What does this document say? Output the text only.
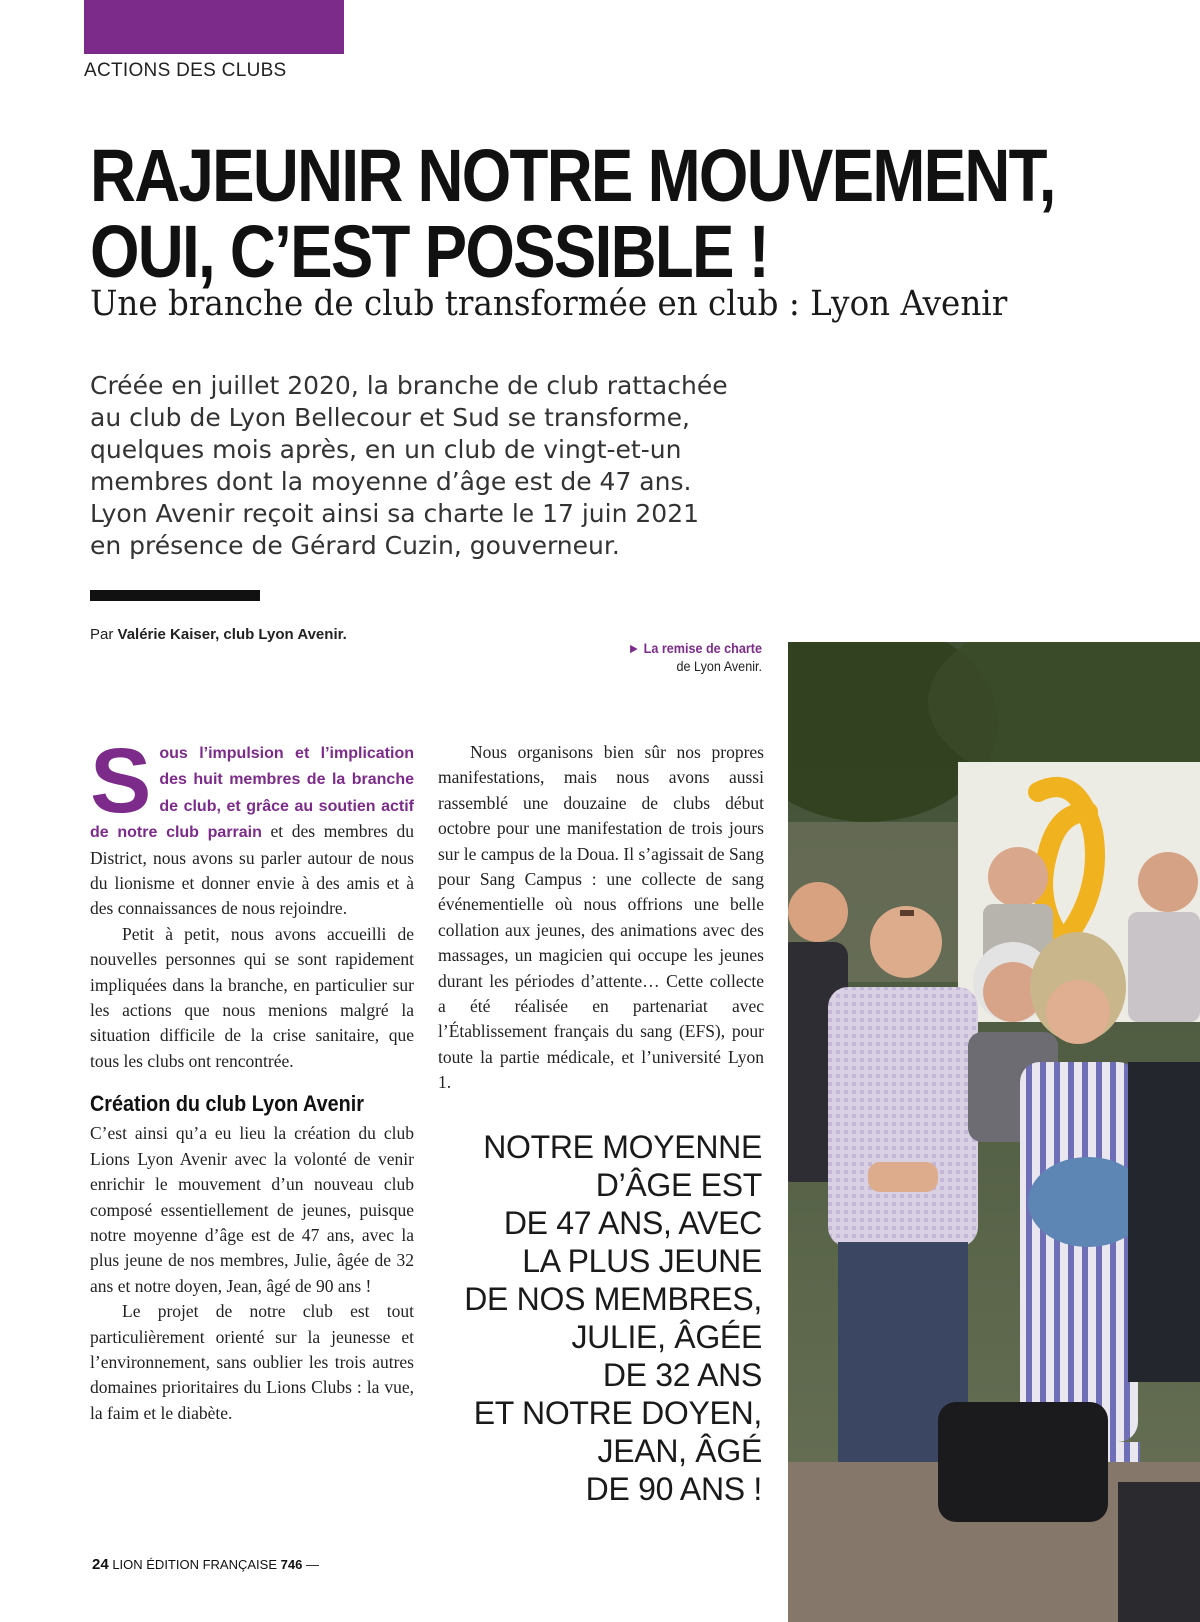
ACTIONS DES CLUBS
RAJEUNIR NOTRE MOUVEMENT,
OUI, C’EST POSSIBLE !
Une branche de club transformée en club : Lyon Avenir
Créée en juillet 2020, la branche de club rattachée
au club de Lyon Bellecour et Sud se transforme,
quelques mois après, en un club de vingt-et-un
membres dont la moyenne d’âge est de 47 ans.
Lyon Avenir reçoit ainsi sa charte le 17 juin 2021
en présence de Gérard Cuzin, gouverneur.
Par Valérie Kaiser, club Lyon Avenir.
► La remise de charte
de Lyon Avenir.

Sous l’impulsion et l’implication des huit membres de la branche de club, et grâce au soutien actif de notre club parrain et des membres du District, nous avons su parler autour de nous du lionisme et donner envie à des amis et à des connaissances de nous rejoindre.

Petit à petit, nous avons accueilli de nouvelles personnes qui se sont rapidement impliquées dans la branche, en particulier sur les actions que nous menions malgré la situation difficile de la crise sanitaire, que tous les clubs ont rencontrée.

Création du club Lyon Avenir

C’est ainsi qu’a eu lieu la création du club Lions Lyon Avenir avec la volonté de venir enrichir le mouvement d’un nouveau club composé essentiellement de jeunes, puisque notre moyenne d’âge est de 47 ans, avec la plus jeune de nos membres, Julie, âgée de 32 ans et notre doyen, Jean, âgé de 90 ans !

Le projet de notre club est tout particulièrement orienté sur la jeunesse et l’environnement, sans oublier les trois autres domaines prioritaires du Lions Clubs : la vue, la faim et le diabète.

Nous organisons bien sûr nos propres manifestations, mais nous avons aussi rassemblé une douzaine de clubs début octobre pour une manifestation de trois jours sur le campus de la Doua. Il s’agissait de Sang pour Sang Campus : une collecte de sang événementielle où nous offrions une belle collation aux jeunes, des animations avec des massages, un magicien qui occupe les jeunes durant les périodes d’attente… Cette collecte a été réalisée en partenariat avec l’Établissement français du sang (EFS), pour toute la partie médicale, et l’université Lyon 1.

NOTRE MOYENNE
D’ÂGE EST
DE 47 ANS, AVEC
LA PLUS JEUNE
DE NOS MEMBRES,
JULIE, ÂGÉE
DE 32 ANS
ET NOTRE DOYEN,
JEAN, ÂGÉ
DE 90 ANS !
24 LION ÉDITION FRANÇAISE 746 —
